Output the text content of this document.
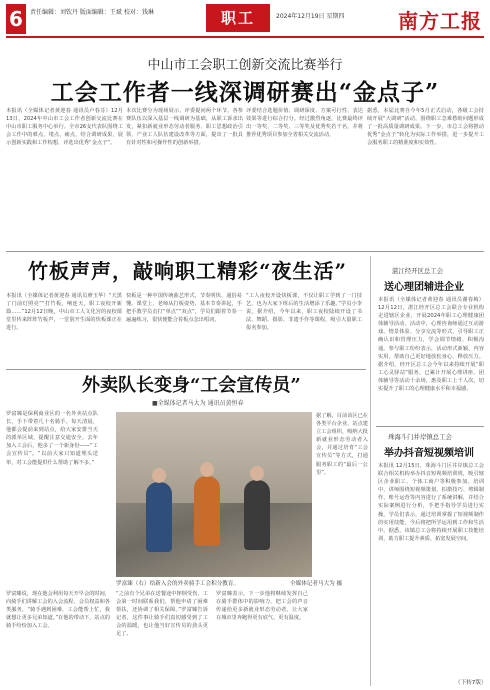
6	责任编辑：刘钦丹 版面编辑：王斌 校对：钱琳	职工	2024年12月19日 星期四	南方工报
中山市工会职工创新交流比赛举行
工会工作者一线深调研赛出“金点子”
本报讯（全媒体记者黄迎春 通讯员卢春芬）12月13日，2024年中山市工会工作者创新交流比赛在中山市职工服务中心举行。全市26支代表队围绕工会工作中的难点、堵点、痛点，结合调研成果，展示创新实践和工作构想，评选出优秀“金点子”。
本次比赛分为现场展示、评委提问两个环节。各参赛队伍以深入基层一线调研为基础，从职工诉求出发，紧扣新就业形态劳动者服务、职工思想政治引领、产业工人队伍建设改革等方面，提出了一批具有针对性和可操作性的创新举措。
评委结合选题价值、调研深度、方案可行性、表达效果等进行综合打分。经过激烈角逐，比赛最终评出一等奖、二等奖、三等奖及优秀奖若干名，并将推荐优秀项目参加全省相关交流活动。
据悉，本届比赛自今年5月正式启动，各级工会持续开展“大调研”活动，围绕职工急难愁盼问题形成了一批高质量调研成果。下一步，市总工会将推动优秀“金点子”转化为实际工作举措，进一步提升工会服务职工的精准度和实效性。
竹板声声，敲响职工精彩“夜生活”
本报讯（全媒体记者黄迎春 通讯员廖玉华）“天黑了门前灯照亮”“打竹板，响连天，职工夜校开新篇……”12月12日晚，中山市工人文化宫的夜校课堂里传来阵阵竹板声，一堂别开生面的快板课正在进行。
快板是一种中国传统曲艺形式，节奏明快、通俗易懂。课堂上，老师从打板姿势、基本节奏讲起，手把手教学员击打“单点”“双点”，学员们跟着节奏一遍遍练习，很快便能合着板点念出唱词。
“工人夜校开设快板课，不仅让职工学到了一门技艺，也为大家下班后的生活增添了乐趣。”学员小李说。据介绍，今年以来，职工夜校陆续开设了书法、舞蹈、摄影、非遗手作等课程，吸引大量职工报名参加。
外卖队长变身“工会宣传员”
■全媒体记者马大为 通讯员黄恒春
罗富臻是保利商业区的一名外卖站点队长，手下带着几十名骑手。每天清晨，他都会提前来到站点，给大家安排当天的派单区域，提醒注意交通安全。去年加入工会后，他多了一个新身份——“工会宣传员”。“以前大家只知道埋头送单，对工会能提供什么帮助了解不多。”
罗富臻说，现在他会利用每天开早会的时间，向骑手们讲解工会的入会流程、会员权益和各类服务，“骑手遇到困难，工会能帮上忙，我就想让更多兄弟知道。”在他的带动下，站点的骑手纷纷加入工会。
罗富臻（右）给新入会的外卖骑手工会积分教育。	全媒体记者马大为 摄
“之前有个兄弟在送餐途中摔倒受伤，工会第一时间联系我们，帮他申请了困难帮扶，还协调了相关保障。”罗富臻告诉记者，这件事让骑手们真切感受到了工会的温暖，也让他当好宣传员的劲头更足了。
罗富臻表示，下一步他将继续发挥自己在骑手群体中的影响力，把工会的声音传递给更多新就业形态劳动者，让大家在城市里奔跑得更有底气、更有温度。
据了解，目前该区已在各类平台企业、站点建立工会组织，吸纳大批新就业形态劳动者入会，并通过培育“工会宣传员”等方式，打通服务职工的“最后一公里”。
湛江经开区总工会
送心理团辅进企业
本报讯（全媒体记者黄迎春 通讯员谢春梅）12月12日，湛江经开区总工会联合专业机构走进辖区企业，开展2024年职工心理健康团体辅导活动。活动中，心理咨询师通过互动游戏、情景体验、分享交流等形式，引导职工正确认识和管理压力，学会调节情绪、积极沟通。参与职工纷纷表示，活动形式新颖、内容实用，帮助自己更好地放松身心、释放压力。据介绍，经开区总工会今年以来持续开展“职工心灵驿站”服务，已累计开展心理讲座、团体辅导等活动十余场，惠及职工上千人次，切实提升了职工的心理健康水平和幸福感。
珠海斗门井岸镇总工会
举办抖音短视频培训
本报讯 12月15日，珠海斗门区井岸镇总工会联合相关机构举办抖音短视频培训班，吸引辖区企业职工、个体工商户等积极参加。培训中，讲师围绕短视频策划、拍摄技巧、剪辑制作、账号运营等内容进行了系统讲解，并结合实际案例进行分析，手把手指导学员进行实操。学员们表示，通过培训掌握了短视频制作的实用技能，今后将把所学运用到工作和生活中。据悉，该镇总工会将持续开展职工技能培训，助力职工提升素质、拓宽发展空间。
（下转7版）
